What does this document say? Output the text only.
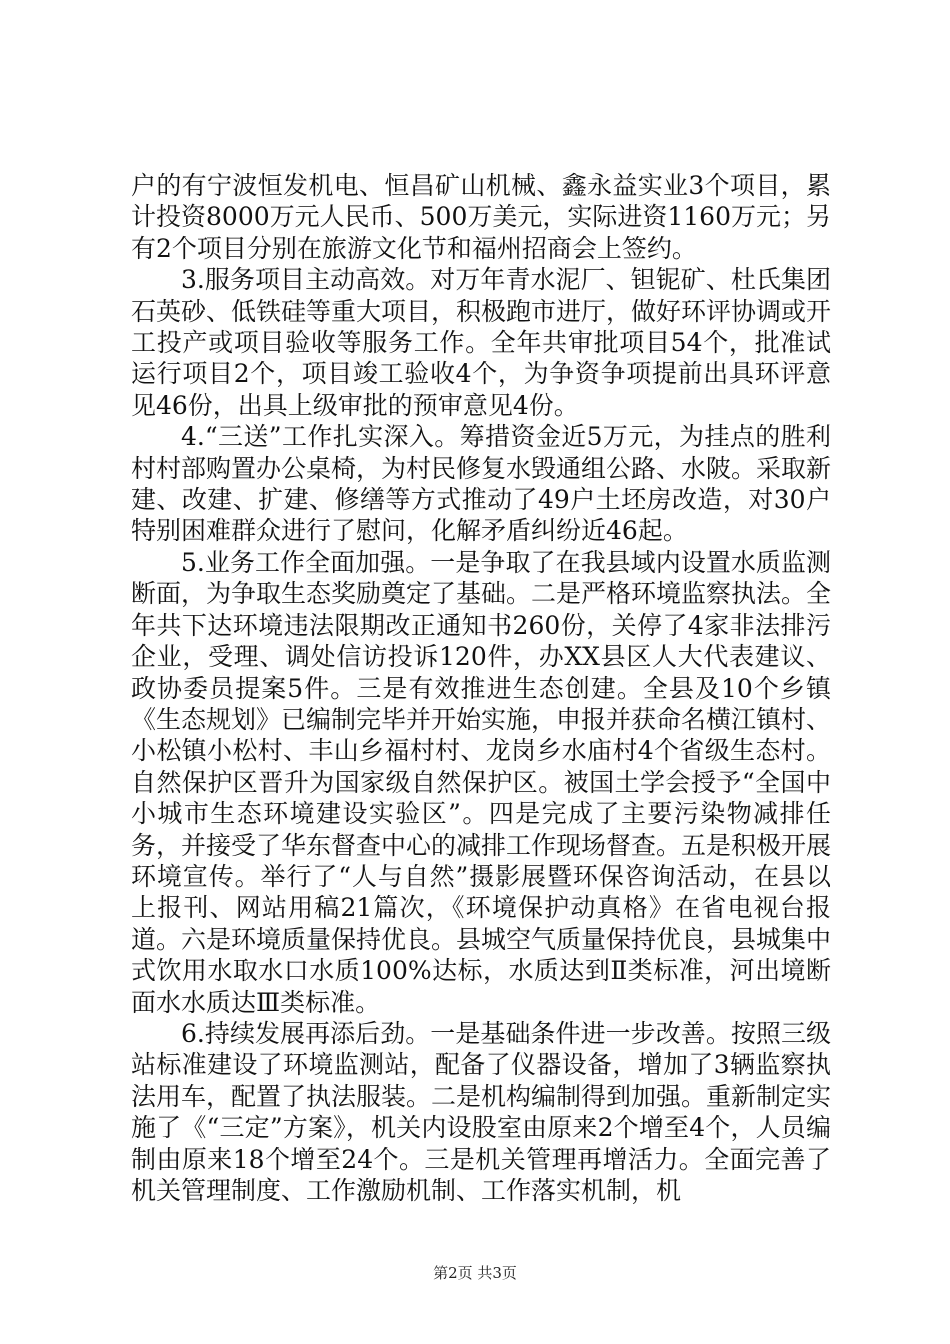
户的有宁波恒发机电、恒昌矿山机械、鑫永益实业3个项目，累计投资8000万元人民币、500万美元，实际进资1160万元；另有2个项目分别在旅游文化节和福州招商会上签约。

3.服务项目主动高效。对万年青水泥厂、钽铌矿、杜氏集团石英砂、低铁硅等重大项目，积极跑市进厅，做好环评协调或开工投产或项目验收等服务工作。全年共审批项目54个，批准试运行项目2个，项目竣工验收4个，为争资争项提前出具环评意见46份，出具上级审批的预审意见4份。

4.“三送”工作扎实深入。筹措资金近5万元，为挂点的胜利村村部购置办公桌椅，为村民修复水毁通组公路、水陂。采取新建、改建、扩建、修缮等方式推动了49户土坯房改造，对30户特别困难群众进行了慰问，化解矛盾纠纷近46起。

5.业务工作全面加强。一是争取了在我县域内设置水质监测断面，为争取生态奖励奠定了基础。二是严格环境监察执法。全年共下达环境违法限期改正通知书260份，关停了4家非法排污企业，受理、调处信访投诉120件，办XX县区人大代表建议、政协委员提案5件。三是有效推进生态创建。全县及10个乡镇《生态规划》已编制完毕并开始实施，申报并获命名横江镇村、小松镇小松村、丰山乡福村村、龙岗乡水庙村4个省级生态村。自然保护区晋升为国家级自然保护区。被国土学会授予“全国中小城市生态环境建设实验区”。四是完成了主要污染物减排任务，并接受了华东督查中心的减排工作现场督查。五是积极开展环境宣传。举行了“人与自然”摄影展暨环保咨询活动，在县以上报刊、网站用稿21篇次，《环境保护动真格》在省电视台报道。六是环境质量保持优良。县城空气质量保持优良，县城集中式饮用水取水口水质100%达标，水质达到Ⅱ类标准，河出境断面水水质达Ⅲ类标准。

6.持续发展再添后劲。一是基础条件进一步改善。按照三级站标准建设了环境监测站，配备了仪器设备，增加了3辆监察执法用车，配置了执法服装。二是机构编制得到加强。重新制定实施了《“三定”方案》，机关内设股室由原来2个增至4个，人员编制由原来18个增至24个。三是机关管理再增活力。全面完善了机关管理制度、工作激励机制、工作落实机制，机

第2页 共3页
